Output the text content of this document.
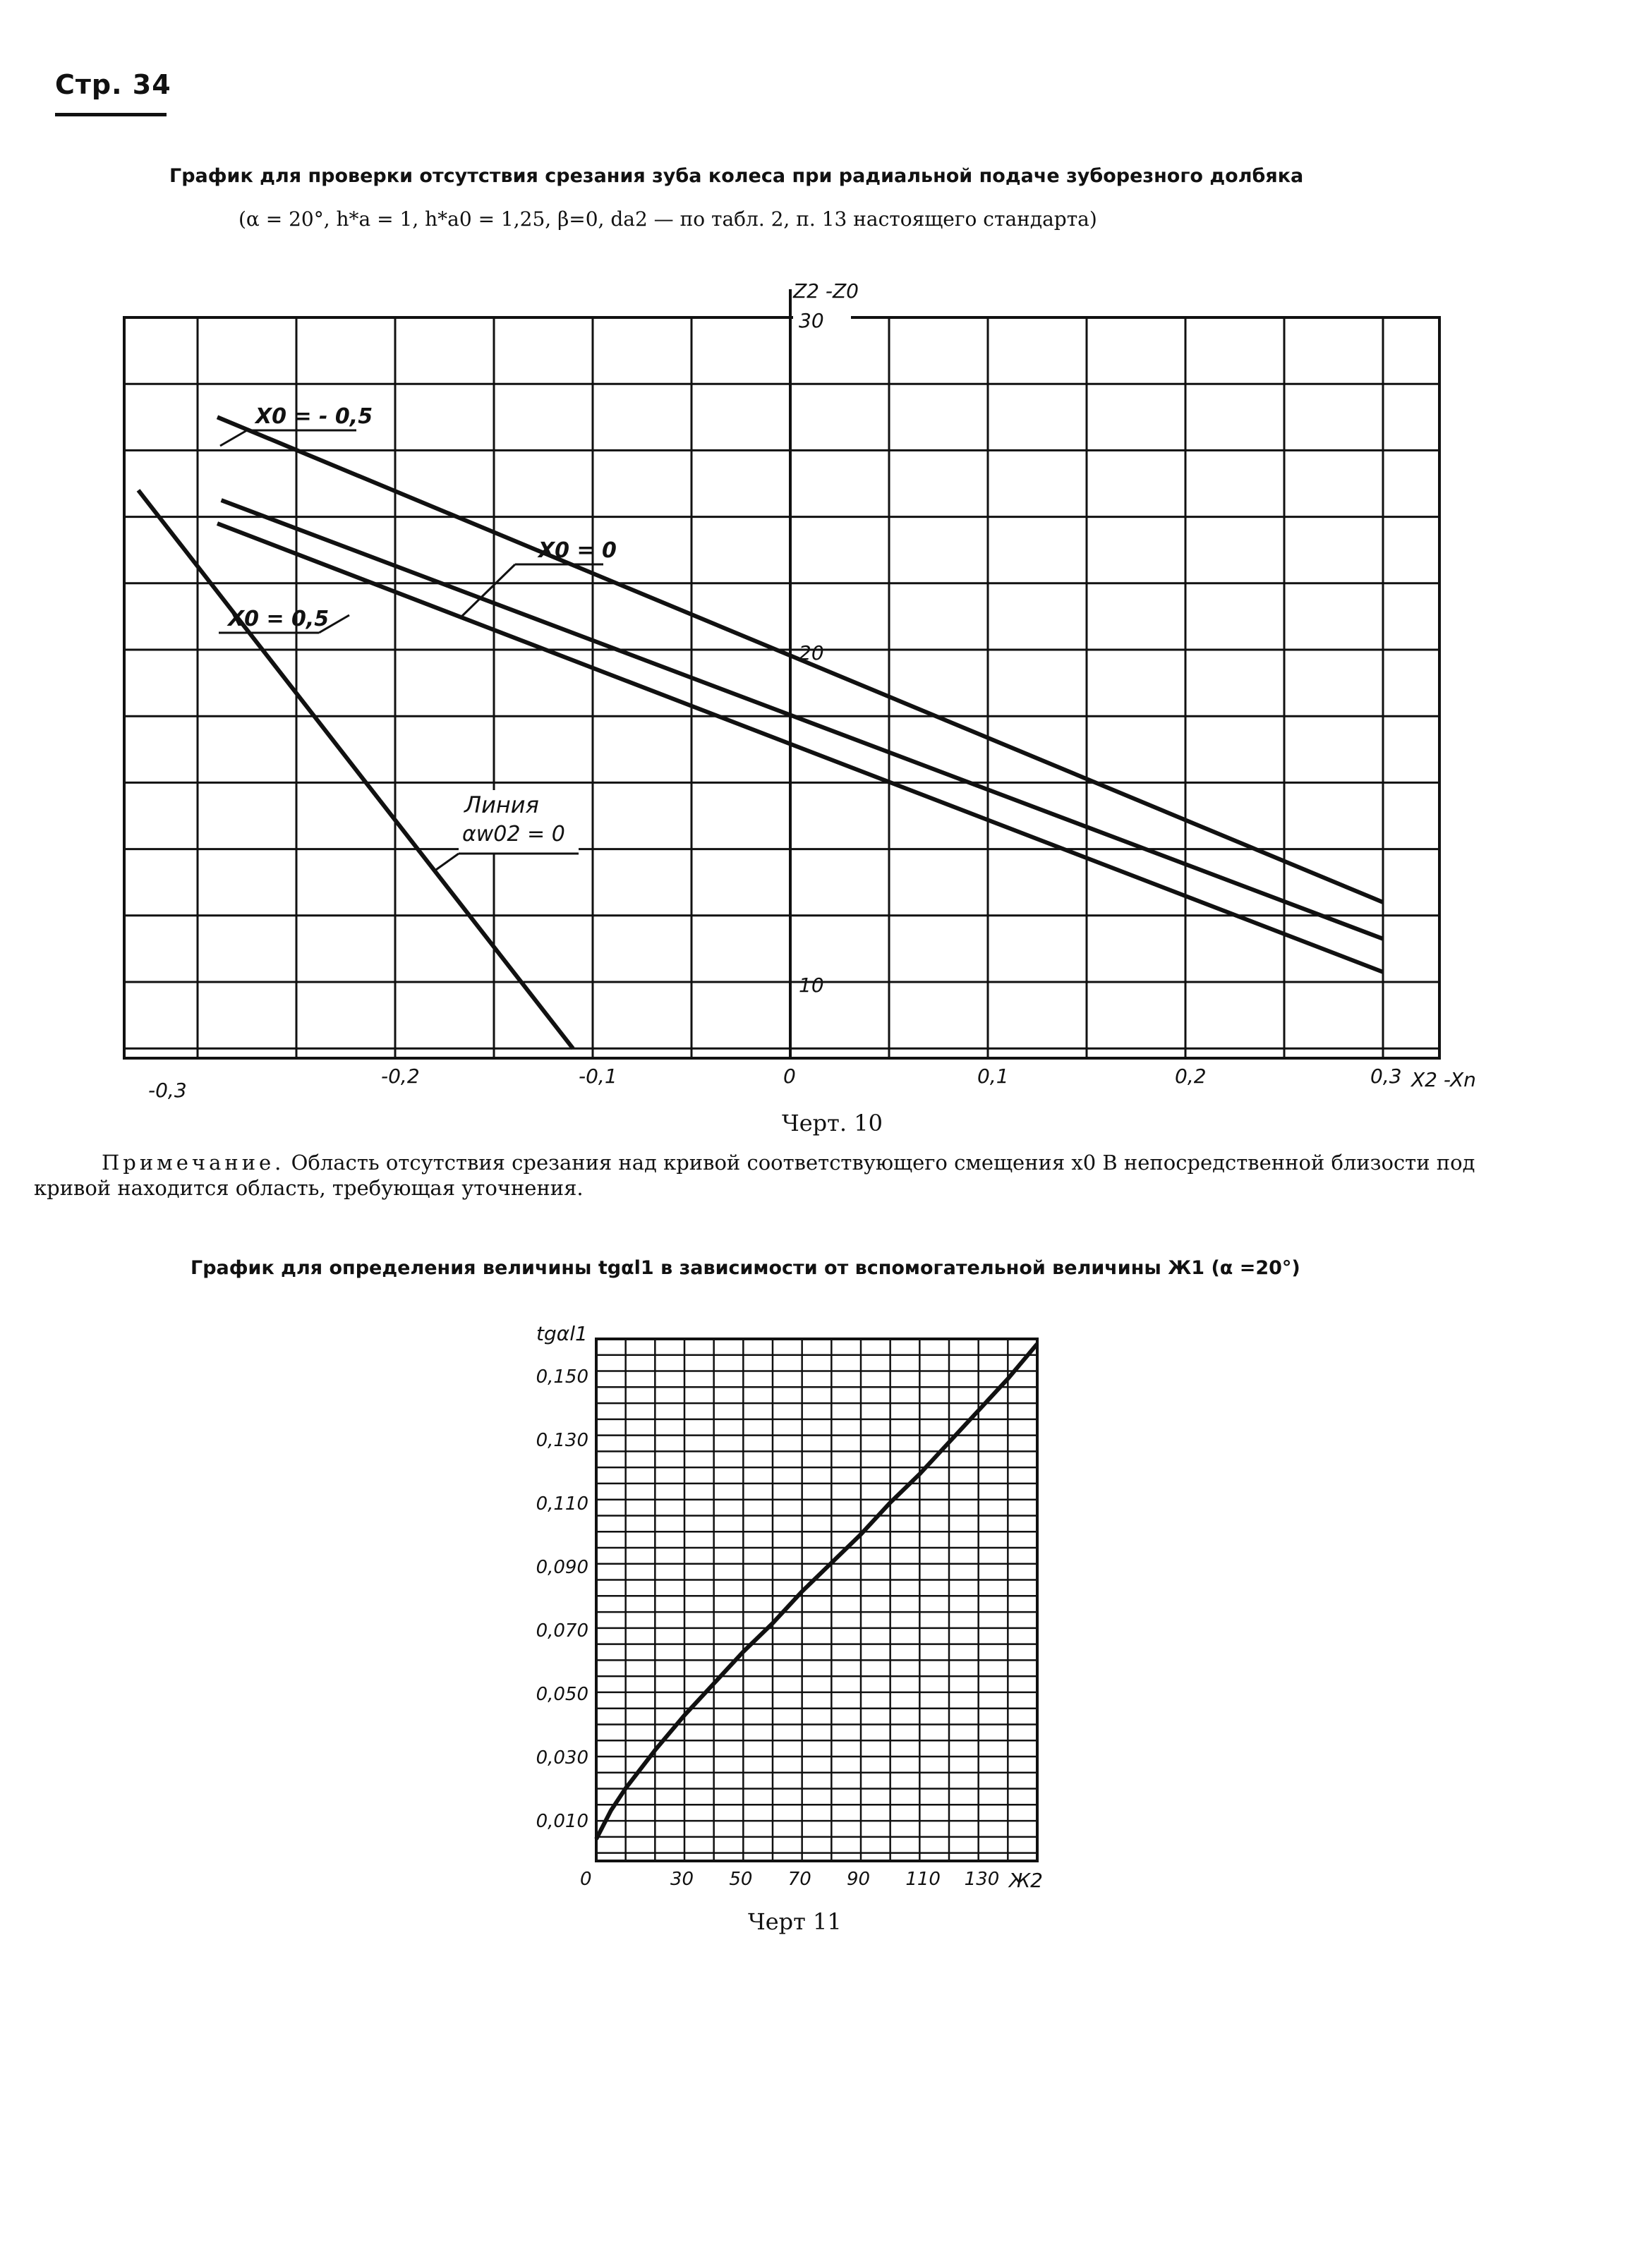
Стр. 34
График для проверки отсутствия срезания зуба колеса при радиальной подаче зуборезного долбяка
(α = 20°, h*a = 1, h*a0 = 1,25, β=0, da2 — по табл. 2, п. 13 настоящего стандарта)
Z2 -Z0
30
20
10
-0,3
-0,2	-0,1	0	0,1	0,2	0,3 X2 -Xn
X0 = - 0,5
X0 = 0
X0 = 0,5
Линия
αw02 = 0
tgαl1
0,150
0,130
0,110
0,090
0,070
0,050
0,030
0,010
0	30 50 70 90 110 130 Ж2
Черт. 10
Примечание. Область отсутствия срезания над кривой соответствующего смещения x0 В непосредственной близости под кривой находится область, требующая уточнения.
График для определения величины tgαl1 в зависимости от вспомогательной величины Ж1 (α =20°)
Черт 11
